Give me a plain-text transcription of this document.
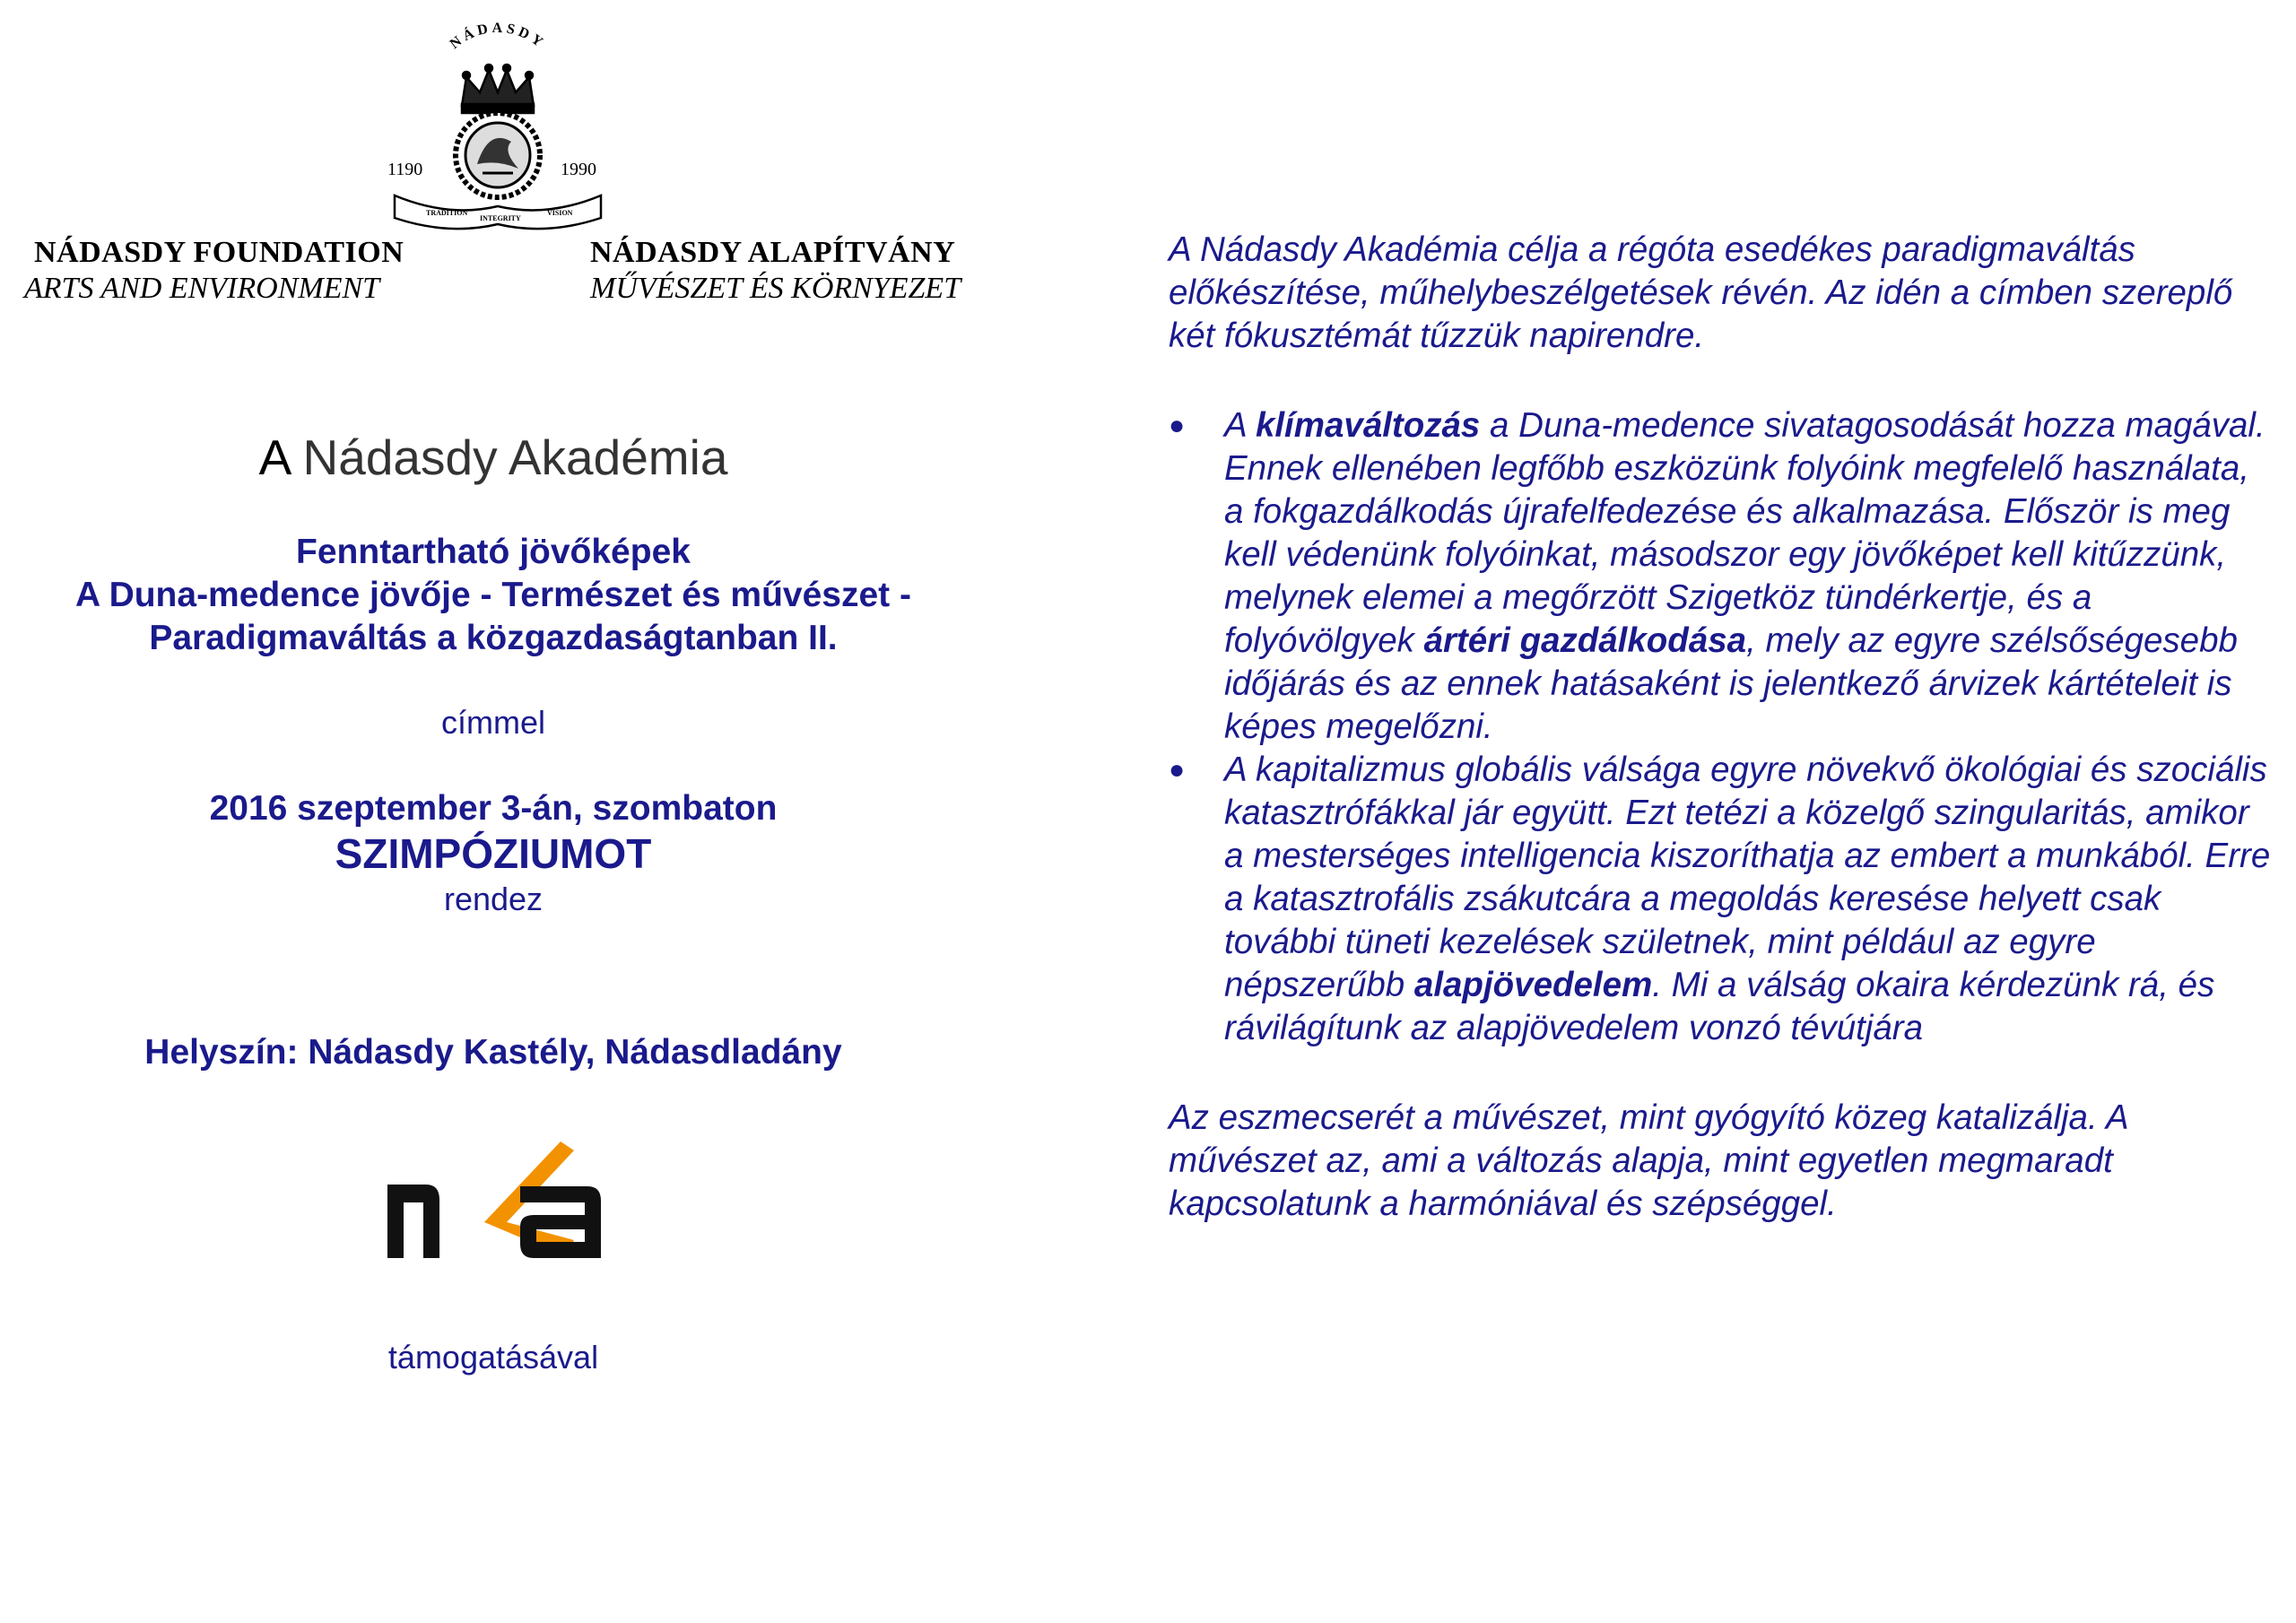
NÁDASDY
TRADITION
INTEGRITY
VISION
1190	1990
NÁDASDY FOUNDATION
ARTS AND ENVIRONMENT
NÁDASDY ALAPÍTVÁNY
MŰVÉSZET ÉS KÖRNYEZET
A Nádasdy Akadémia
Fenntartható jövőképek
A Duna-medence jövője - Természet és művészet -
Paradigmaváltás a közgazdaságtanban II.
címmel
2016 szeptember 3-án, szombaton
SZIMPÓZIUMOT
rendez
Helyszín: Nádasdy Kastély, Nádasdladány
támogatásával

A Nádasdy Akadémia célja a régóta esedékes paradigmaváltás előkészítése, műhelybeszélgetések révén. Az idén a címben szereplő két fókusztémát tűzzük napirendre.

● A klímaváltozás a Duna-medence sivatagosodását hozza magával. Ennek ellenében legfőbb eszközünk folyóink megfelelő használata, a fokgazdálkodás újrafelfedezése és alkalmazása. Először is meg kell védenünk folyóinkat, másodszor egy jövőképet kell kitűzzünk, melynek elemei a megőrzött Szigetköz tündérkertje, és a folyóvölgyek ártéri gazdálkodása, mely az egyre szélsőségesebb időjárás és az ennek hatásaként is jelentkező árvizek kártételeit is képes megelőzni.
● A kapitalizmus globális válsága egyre növekvő ökológiai és szociális katasztrófákkal jár együtt. Ezt tetézi a közelgő szingularitás, amikor a mesterséges intelligencia kiszoríthatja az embert a munkából. Erre a katasztrofális zsákutcára a megoldás keresése helyett csak további tüneti kezelések születnek, mint például az egyre népszerűbb alapjövedelem. Mi a válság okaira kérdezünk rá, és rávilágítunk az alapjövedelem vonzó tévútjára

Az eszmecserét a művészet, mint gyógyító közeg katalizálja. A művészet az, ami a változás alapja, mint egyetlen megmaradt kapcsolatunk a harmóniával és szépséggel.
